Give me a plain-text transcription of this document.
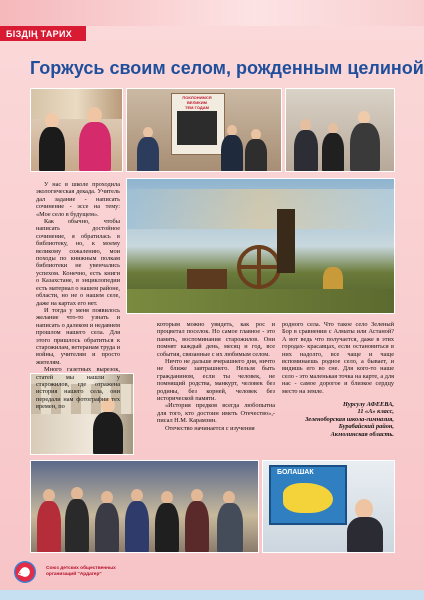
БІЗДІҢ ТАРИХ
Горжусь своим селом, рожденным целиной
ПОКЛОНИМСЯ ВЕЛИКИМ
ТЕМ ГОДАМ
БОЛАШАК

У нас в школе проходила экологическая декада. Учитель дал задание - написать сочинение - эссе на тему: «Мое село в будущем».

Как обычно, чтобы написать достойное сочинение, я обратилась в библиотеку, но, к моему великому сожалению, мои походы по книжным полкам библиотеки не увенчались успехом. Конечно, есть книги о Казахстане, в энциклопедии есть материал о нашем районе, области, но не о нашем селе, даже на картах его нет.

И тогда у меня появилось желание что-то узнать и написать о далеком и недавнем прошлом нашего села. Для этого пришлось обратиться к старожилам, ветеранам труда и войны, учителям и просто жителям.

Много газетных вырезок, статей мы нашли у старожилов, где отражена история нашего села, они передали нам фотографии тех времен, по

которым можно увидеть, как рос и процветал поселок. Но самое главное - это память, воспоминания старожилов. Они помнят каждый день, месяц и год, все события, связанные с их любимым селом.

Ничто не дальше вчерашнего дня, ничто не ближе завтрашнего. Нельзя быть гражданином, если ты человек, не помнящий родства, манкурт, человек без родины, без корней, человек без исторической памяти.

«История предков всегда любопытна для того, кто достоин иметь Отечество»,- писал Н.М. Карамзин.

Отечество начинается с изучения

родного села. Что такое село Зеленый Бор в сравнении с Алматы или Астаной? А вот ведь что получается, даже в этих городах- красавцах, если остановиться в них надолго, все чаще и чаще вспоминаешь родное село, а бывает, и видишь его во сне. Для кого-то наше село - это маленькая точка на карте, а для нас - самое дорогое и близкое сердцу место на земле.

Нурсулу АФЕЕВА,

11 «А» класс,

Зеленоборская школа-гимназия,

Бурабайский район,

Акмолинская область.

46
Союз детских общественных
организаций "Ардагер"
